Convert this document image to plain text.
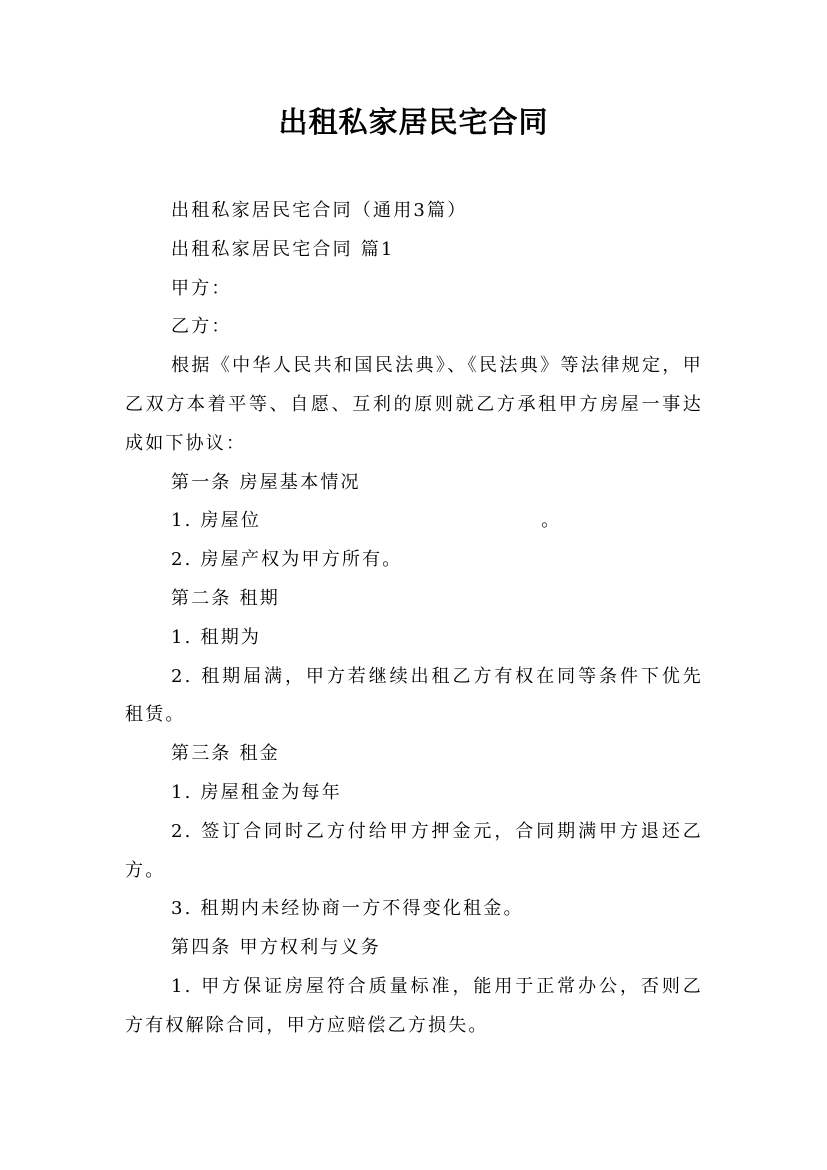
出租私家居民宅合同

出租私家居民宅合同（通用3篇）

出租私家居民宅合同 篇1

甲方：

乙方：

根据《中华人民共和国民法典》、《民法典》等法律规定，甲乙双方本着平等、自愿、互利的原则就乙方承租甲方房屋一事达成如下协议：

第一条 房屋基本情况

1. 房屋位	。

2. 房屋产权为甲方所有。

第二条 租期

1. 租期为

2. 租期届满，甲方若继续出租乙方有权在同等条件下优先租赁。

第三条 租金

1. 房屋租金为每年

2. 签订合同时乙方付给甲方押金元，合同期满甲方退还乙方。

3. 租期内未经协商一方不得变化租金。

第四条 甲方权利与义务

1. 甲方保证房屋符合质量标准，能用于正常办公，否则乙方有权解除合同，甲方应赔偿乙方损失。
